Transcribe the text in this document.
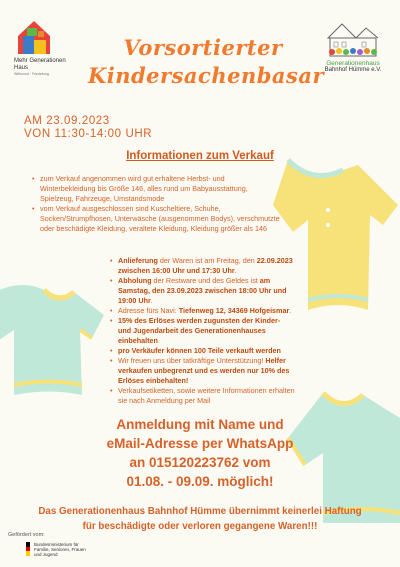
Mehr Generationen Haus
Wittmund · Friedeburg
Generationenhaus
Bahnhof Hümme e.V.
Vorsortierter
Kindersachenbasar
AM 23.09.2023
VON 11:30-14:00 UHR
Informationen zum Verkauf
• zum Verkauf angenommen wird gut erhaltene Herbst- und Winterbekleidung bis Größe 146, alles rund um Babyausstattung, Spielzeug, Fahrzeuge, Umstandsmode
• vom Verkauf ausgeschlossen sind Kuscheltiere, Schuhe, Socken/Strumpfhosen, Unterwäsche (ausgenommen Bodys), verschmutzte oder beschädigte Kleidung, veraltete Kleidung, Kleidung größer als 146
• Anlieferung der Waren ist am Freitag, den 22.09.2023 zwischen 16:00 Uhr und 17:30 Uhr.
• Abholung der Restware und des Geldes ist am Samstag, den 23.09.2023 zwischen 18:00 Uhr und 19:00 Uhr.
• Adresse fürs Navi: Tiefenweg 12, 34369 Hofgeismar.
• 15% des Erlöses werden zugunsten der Kinder- und Jugendarbeit des Generationenhauses einbehalten
• pro Verkäufer können 100 Teile verkauft werden
• Wir freuen uns über tatkräftige Unterstützung! Helfer verkaufen unbegrenzt und es werden nur 10% des Erlöses einbehalten!
• Verkaufsetiketten, sowie weitere Informationen erhalten sie nach Anmeldung per Mail
Anmeldung mit Name und
eMail-Adresse per WhatsApp
an 015120223762 vom
01.08. - 09.09. möglich!
Das Generationenhaus Bahnhof Hümme übernimmt keinerlei Haftung
für beschädigte oder verloren gegangene Waren!!!
Gefördert vom:
Bundesministerium für Familie, Senioren, Frauen und Jugend
